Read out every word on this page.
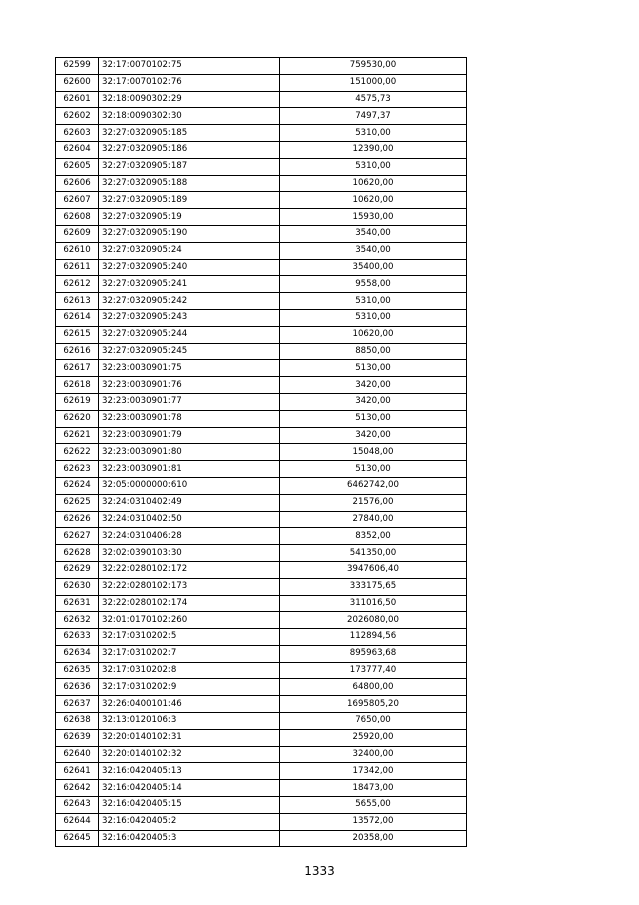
62599	32:17:0070102:75	759530,00
62600	32:17:0070102:76	151000,00
62601	32:18:0090302:29	4575,73
62602	32:18:0090302:30	7497,37
62603	32:27:0320905:185	5310,00
62604	32:27:0320905:186	12390,00
62605	32:27:0320905:187	5310,00
62606	32:27:0320905:188	10620,00
62607	32:27:0320905:189	10620,00
62608	32:27:0320905:19	15930,00
62609	32:27:0320905:190	3540,00
62610	32:27:0320905:24	3540,00
62611	32:27:0320905:240	35400,00
62612	32:27:0320905:241	9558,00
62613	32:27:0320905:242	5310,00
62614	32:27:0320905:243	5310,00
62615	32:27:0320905:244	10620,00
62616	32:27:0320905:245	8850,00
62617	32:23:0030901:75	5130,00
62618	32:23:0030901:76	3420,00
62619	32:23:0030901:77	3420,00
62620	32:23:0030901:78	5130,00
62621	32:23:0030901:79	3420,00
62622	32:23:0030901:80	15048,00
62623	32:23:0030901:81	5130,00
62624	32:05:0000000:610	6462742,00
62625	32:24:0310402:49	21576,00
62626	32:24:0310402:50	27840,00
62627	32:24:0310406:28	8352,00
62628	32:02:0390103:30	541350,00
62629	32:22:0280102:172	3947606,40
62630	32:22:0280102:173	333175,65
62631	32:22:0280102:174	311016,50
62632	32:01:0170102:260	2026080,00
62633	32:17:0310202:5	112894,56
62634	32:17:0310202:7	895963,68
62635	32:17:0310202:8	173777,40
62636	32:17:0310202:9	64800,00
62637	32:26:0400101:46	1695805,20
62638	32:13:0120106:3	7650,00
62639	32:20:0140102:31	25920,00
62640	32:20:0140102:32	32400,00
62641	32:16:0420405:13	17342,00
62642	32:16:0420405:14	18473,00
62643	32:16:0420405:15	5655,00
62644	32:16:0420405:2	13572,00
62645	32:16:0420405:3	20358,00
1333
